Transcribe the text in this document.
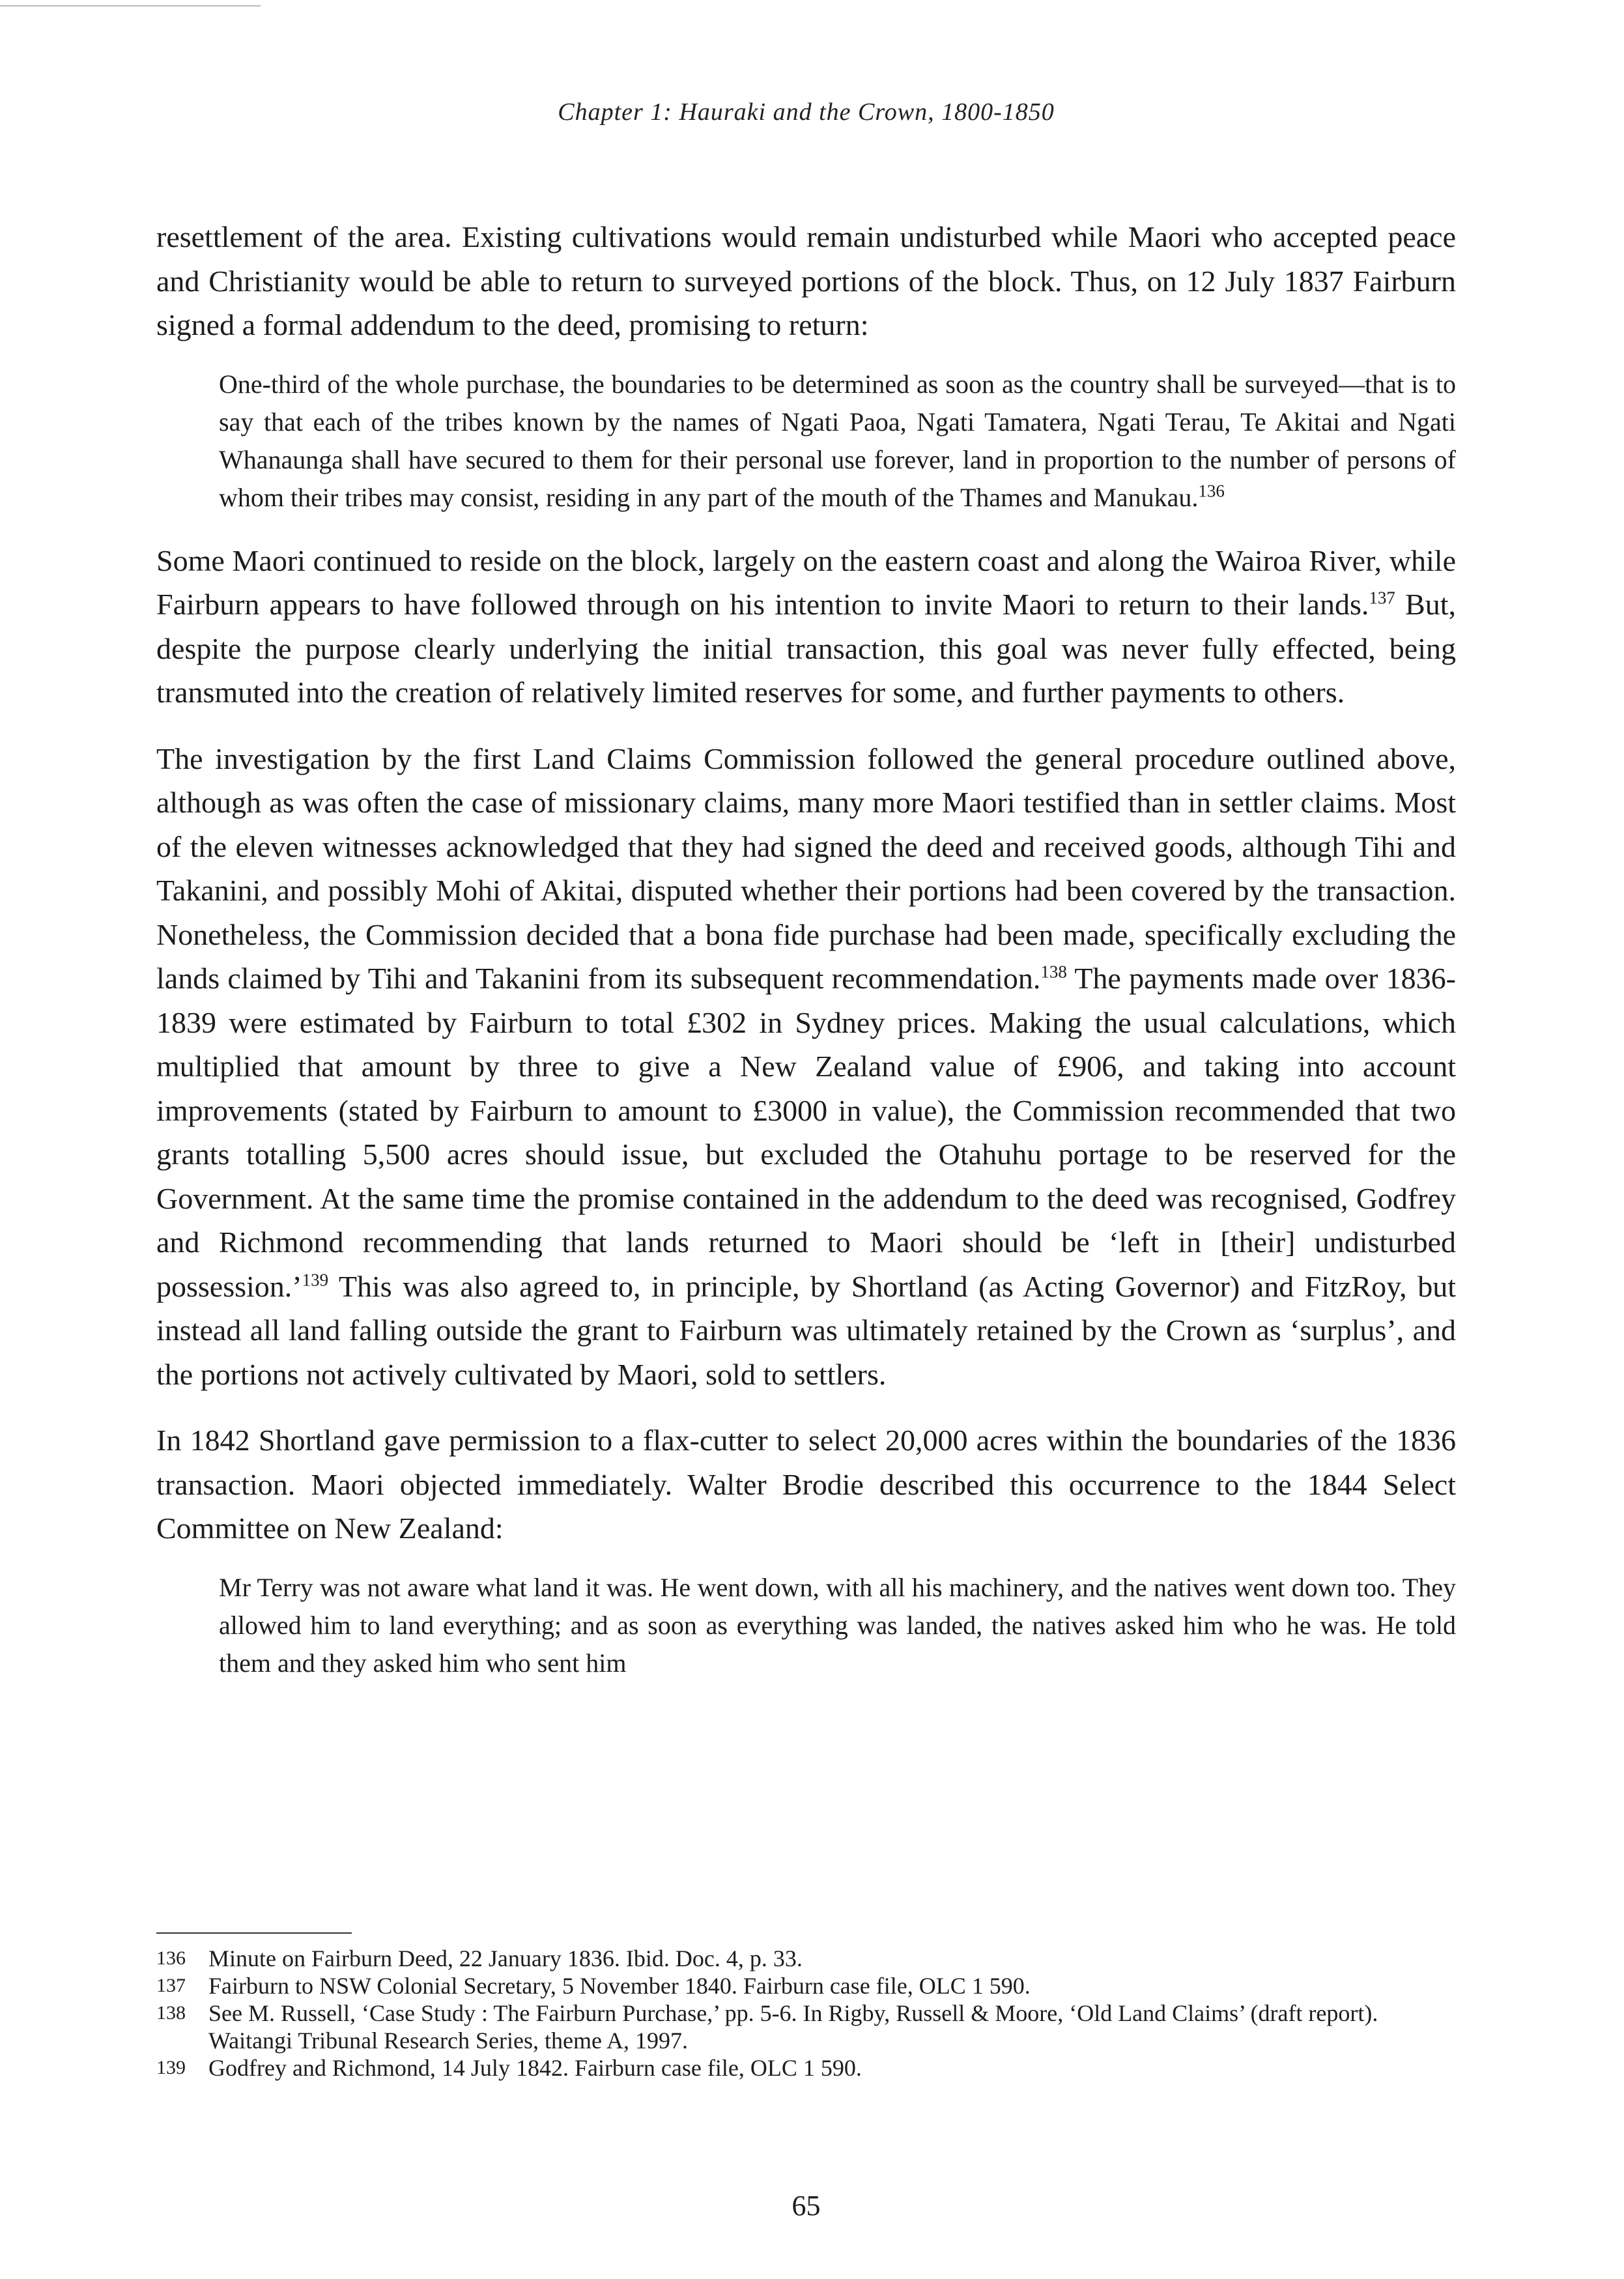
Chapter 1: Hauraki and the Crown, 1800-1850

resettlement of the area. Existing cultivations would remain undisturbed while Maori who accepted peace and Christianity would be able to return to surveyed portions of the block. Thus, on 12 July 1837 Fairburn signed a formal addendum to the deed, promising to return:

One-third of the whole purchase, the boundaries to be determined as soon as the country shall be surveyed—that is to say that each of the tribes known by the names of Ngati Paoa, Ngati Tamatera, Ngati Terau, Te Akitai and Ngati Whanaunga shall have secured to them for their personal use forever, land in proportion to the number of persons of whom their tribes may consist, residing in any part of the mouth of the Thames and Manukau.$^{136}$

Some Maori continued to reside on the block, largely on the eastern coast and along the Wairoa River, while Fairburn appears to have followed through on his intention to invite Maori to return to their lands.$^{137}$ But, despite the purpose clearly underlying the initial transaction, this goal was never fully effected, being transmuted into the creation of relatively limited reserves for some, and further payments to others.

The investigation by the first Land Claims Commission followed the general procedure outlined above, although as was often the case of missionary claims, many more Maori testified than in settler claims. Most of the eleven witnesses acknowledged that they had signed the deed and received goods, although Tihi and Takanini, and possibly Mohi of Akitai, disputed whether their portions had been covered by the transaction. Nonetheless, the Commission decided that a bona fide purchase had been made, specifically excluding the lands claimed by Tihi and Takanini from its subsequent recommendation.$^{138}$ The payments made over 1836-1839 were estimated by Fairburn to total £302 in Sydney prices. Making the usual calculations, which multiplied that amount by three to give a New Zealand value of £906, and taking into account improvements (stated by Fairburn to amount to £3000 in value), the Commission recommended that two grants totalling 5,500 acres should issue, but excluded the Otahuhu portage to be reserved for the Government. At the same time the promise contained in the addendum to the deed was recognised, Godfrey and Richmond recommending that lands returned to Maori should be ‘left in [their] undisturbed possession.’$^{139}$ This was also agreed to, in principle, by Shortland (as Acting Governor) and FitzRoy, but instead all land falling outside the grant to Fairburn was ultimately retained by the Crown as ‘surplus’, and the portions not actively cultivated by Maori, sold to settlers.

In 1842 Shortland gave permission to a flax-cutter to select 20,000 acres within the boundaries of the 1836 transaction. Maori objected immediately. Walter Brodie described this occurrence to the 1844 Select Committee on New Zealand:

Mr Terry was not aware what land it was. He went down, with all his machinery, and the natives went down too. They allowed him to land everything; and as soon as everything was landed, the natives asked him who he was. He told them and they asked him who sent him
136 Minute on Fairburn Deed, 22 January 1836. Ibid. Doc. 4, p. 33.
137 Fairburn to NSW Colonial Secretary, 5 November 1840. Fairburn case file, OLC 1 590.
138 See M. Russell, ‘Case Study : The Fairburn Purchase,’ pp. 5-6. In Rigby, Russell & Moore, ‘Old Land Claims’ (draft report). Waitangi Tribunal Research Series, theme A, 1997.
139 Godfrey and Richmond, 14 July 1842. Fairburn case file, OLC 1 590.
65
